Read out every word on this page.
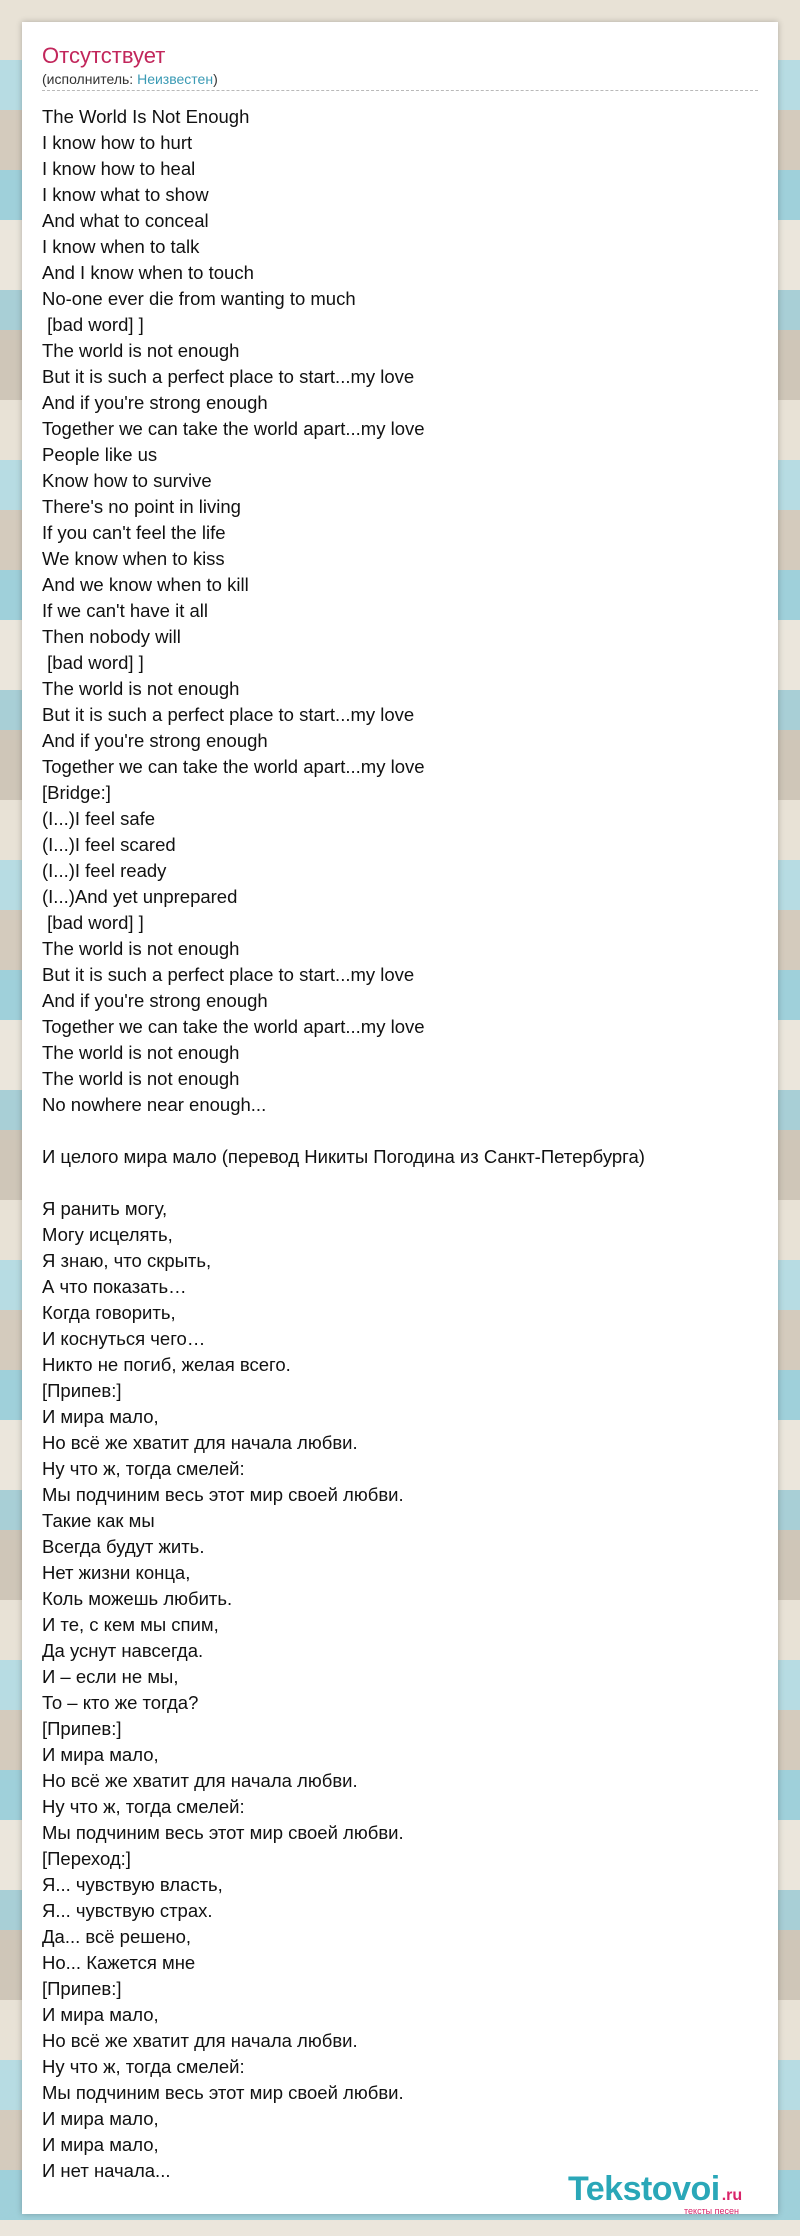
Отсутствует
(исполнитель: Неизвестен)
The World Is Not Enough
I know how to hurt
I know how to heal
I know what to show
And what to conceal
I know when to talk
And I know when to touch
No-one ever die from wanting to much
[bad word] ]
The world is not enough
But it is such a perfect place to start...my love
And if you're strong enough
Together we can take the world apart...my love
People like us
Know how to survive
There's no point in living
If you can't feel the life
We know when to kiss
And we know when to kill
If we can't have it all
Then nobody will
[bad word] ]
The world is not enough
But it is such a perfect place to start...my love
And if you're strong enough
Together we can take the world apart...my love
[Bridge:]
(I...)I feel safe
(I...)I feel scared
(I...)I feel ready
(I...)And yet unprepared
[bad word] ]
The world is not enough
But it is such a perfect place to start...my love
And if you're strong enough
Together we can take the world apart...my love
The world is not enough
The world is not enough
No nowhere near enough...
И целого мира мало (перевод Никиты Погодина из Санкт-Петербурга)
Я ранить могу,
Могу исцелять,
Я знаю, что скрыть,
А что показать…
Когда говорить,
И коснуться чего…
Никто не погиб, желая всего.
[Припев:]
И мира мало,
Но всё же хватит для начала любви.
Ну что ж, тогда смелей:
Мы подчиним весь этот мир своей любви.
Такие как мы
Всегда будут жить.
Нет жизни конца,
Коль можешь любить.
И те, с кем мы спим,
Да уснут навсегда.
И – если не мы,
То – кто же тогда?
[Припев:]
И мира мало,
Но всё же хватит для начала любви.
Ну что ж, тогда смелей:
Мы подчиним весь этот мир своей любви.
[Переход:]
Я... чувствую власть,
Я... чувствую страх.
Да... всё решено,
Но... Кажется мне
[Припев:]
И мира мало,
Но всё же хватит для начала любви.
Ну что ж, тогда смелей:
Мы подчиним весь этот мир своей любви.
И мира мало,
И мира мало,
И нет начала...	Tekstovoi .ru
тексты песен
